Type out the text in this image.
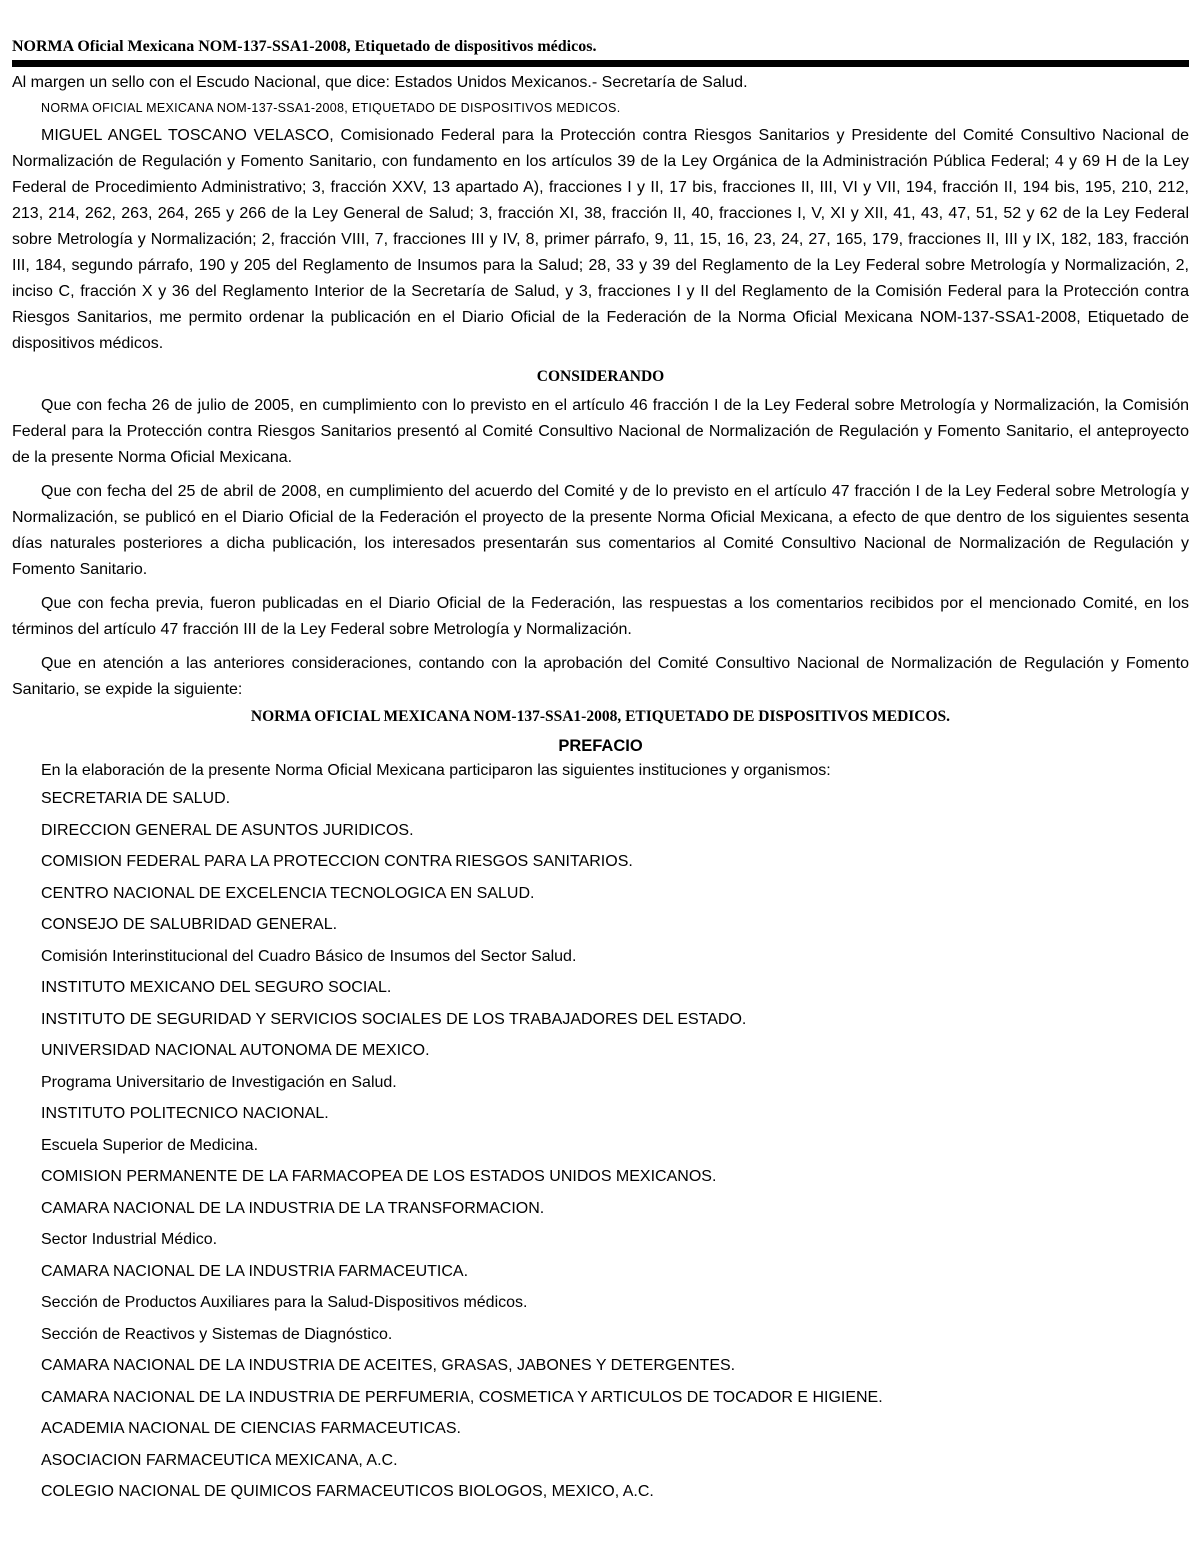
NORMA Oficial Mexicana NOM-137-SSA1-2008, Etiquetado de dispositivos médicos.

Al margen un sello con el Escudo Nacional, que dice: Estados Unidos Mexicanos.- Secretaría de Salud.

NORMA OFICIAL MEXICANA NOM-137-SSA1-2008, ETIQUETADO DE DISPOSITIVOS MEDICOS.

MIGUEL ANGEL TOSCANO VELASCO, Comisionado Federal para la Protección contra Riesgos Sanitarios y Presidente del Comité Consultivo Nacional de Normalización de Regulación y Fomento Sanitario, con fundamento en los artículos 39 de la Ley Orgánica de la Administración Pública Federal; 4 y 69 H de la Ley Federal de Procedimiento Administrativo; 3, fracción XXV, 13 apartado A), fracciones I y II, 17 bis, fracciones II, III, VI y VII, 194, fracción II, 194 bis, 195, 210, 212, 213, 214, 262, 263, 264, 265 y 266 de la Ley General de Salud; 3, fracción XI, 38, fracción II, 40, fracciones I, V, XI y XII, 41, 43, 47, 51, 52 y 62 de la Ley Federal sobre Metrología y Normalización; 2, fracción VIII, 7, fracciones III y IV, 8, primer párrafo, 9, 11, 15, 16, 23, 24, 27, 165, 179, fracciones II, III y IX, 182, 183, fracción III, 184, segundo párrafo, 190 y 205 del Reglamento de Insumos para la Salud; 28, 33 y 39 del Reglamento de la Ley Federal sobre Metrología y Normalización, 2, inciso C, fracción X y 36 del Reglamento Interior de la Secretaría de Salud, y 3, fracciones I y II del Reglamento de la Comisión Federal para la Protección contra Riesgos Sanitarios, me permito ordenar la publicación en el Diario Oficial de la Federación de la Norma Oficial Mexicana NOM-137-SSA1-2008, Etiquetado de dispositivos médicos.

CONSIDERANDO

Que con fecha 26 de julio de 2005, en cumplimiento con lo previsto en el artículo 46 fracción I de la Ley Federal sobre Metrología y Normalización, la Comisión Federal para la Protección contra Riesgos Sanitarios presentó al Comité Consultivo Nacional de Normalización de Regulación y Fomento Sanitario, el anteproyecto de la presente Norma Oficial Mexicana.

Que con fecha del 25 de abril de 2008, en cumplimiento del acuerdo del Comité y de lo previsto en el artículo 47 fracción I de la Ley Federal sobre Metrología y Normalización, se publicó en el Diario Oficial de la Federación el proyecto de la presente Norma Oficial Mexicana, a efecto de que dentro de los siguientes sesenta días naturales posteriores a dicha publicación, los interesados presentarán sus comentarios al Comité Consultivo Nacional de Normalización de Regulación y Fomento Sanitario.

Que con fecha previa, fueron publicadas en el Diario Oficial de la Federación, las respuestas a los comentarios recibidos por el mencionado Comité, en los términos del artículo 47 fracción III de la Ley Federal sobre Metrología y Normalización.

Que en atención a las anteriores consideraciones, contando con la aprobación del Comité Consultivo Nacional de Normalización de Regulación y Fomento Sanitario, se expide la siguiente:

NORMA OFICIAL MEXICANA NOM-137-SSA1-2008, ETIQUETADO DE DISPOSITIVOS MEDICOS.
PREFACIO

En la elaboración de la presente Norma Oficial Mexicana participaron las siguientes instituciones y organismos:

SECRETARIA DE SALUD.
DIRECCION GENERAL DE ASUNTOS JURIDICOS.
COMISION FEDERAL PARA LA PROTECCION CONTRA RIESGOS SANITARIOS.
CENTRO NACIONAL DE EXCELENCIA TECNOLOGICA EN SALUD.
CONSEJO DE SALUBRIDAD GENERAL.
Comisión Interinstitucional del Cuadro Básico de Insumos del Sector Salud.
INSTITUTO MEXICANO DEL SEGURO SOCIAL.
INSTITUTO DE SEGURIDAD Y SERVICIOS SOCIALES DE LOS TRABAJADORES DEL ESTADO.
UNIVERSIDAD NACIONAL AUTONOMA DE MEXICO.
Programa Universitario de Investigación en Salud.
INSTITUTO POLITECNICO NACIONAL.
Escuela Superior de Medicina.
COMISION PERMANENTE DE LA FARMACOPEA DE LOS ESTADOS UNIDOS MEXICANOS.
CAMARA NACIONAL DE LA INDUSTRIA DE LA TRANSFORMACION.
Sector Industrial Médico.
CAMARA NACIONAL DE LA INDUSTRIA FARMACEUTICA.
Sección de Productos Auxiliares para la Salud-Dispositivos médicos.
Sección de Reactivos y Sistemas de Diagnóstico.
CAMARA NACIONAL DE LA INDUSTRIA DE ACEITES, GRASAS, JABONES Y DETERGENTES.
CAMARA NACIONAL DE LA INDUSTRIA DE PERFUMERIA, COSMETICA Y ARTICULOS DE TOCADOR E HIGIENE.
ACADEMIA NACIONAL DE CIENCIAS FARMACEUTICAS.
ASOCIACION FARMACEUTICA MEXICANA, A.C.
COLEGIO NACIONAL DE QUIMICOS FARMACEUTICOS BIOLOGOS, MEXICO, A.C.
